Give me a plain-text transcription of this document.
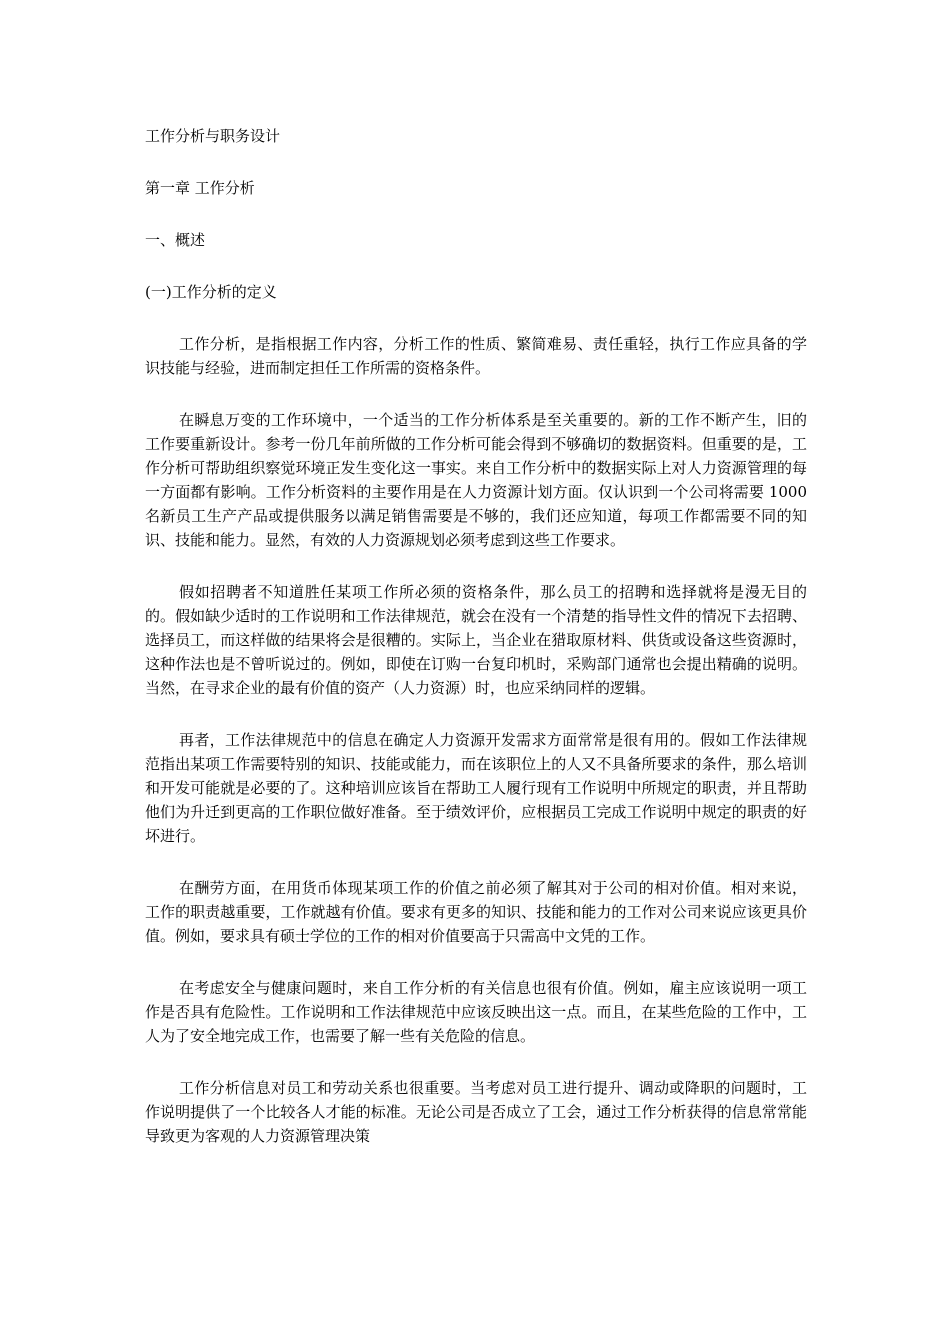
工作分析与职务设计
第一章 工作分析
一、概述
(一)工作分析的定义

工作分析，是指根据工作内容，分析工作的性质、繁简难易、责任重轻，执行工作应具备的学识技能与经验，进而制定担任工作所需的资格条件。

在瞬息万变的工作环境中，一个适当的工作分析体系是至关重要的。新的工作不断产生，旧的工作要重新设计。参考一份几年前所做的工作分析可能会得到不够确切的数据资料。但重要的是，工作分析可帮助组织察觉环境正发生变化这一事实。来自工作分析中的数据实际上对人力资源管理的每一方面都有影响。工作分析资料的主要作用是在人力资源计划方面。仅认识到一个公司将需要 1000 名新员工生产产品或提供服务以满足销售需要是不够的，我们还应知道，每项工作都需要不同的知识、技能和能力。显然，有效的人力资源规划必须考虑到这些工作要求。

假如招聘者不知道胜任某项工作所必须的资格条件，那么员工的招聘和选择就将是漫无目的的。假如缺少适时的工作说明和工作法律规范，就会在没有一个清楚的指导性文件的情况下去招聘、选择员工，而这样做的结果将会是很糟的。实际上，当企业在猎取原材料、供货或设备这些资源时，这种作法也是不曾听说过的。例如，即使在订购一台复印机时，采购部门通常也会提出精确的说明。当然，在寻求企业的最有价值的资产（人力资源）时，也应采纳同样的逻辑。

再者，工作法律规范中的信息在确定人力资源开发需求方面常常是很有用的。假如工作法律规范指出某项工作需要特别的知识、技能或能力，而在该职位上的人又不具备所要求的条件，那么培训和开发可能就是必要的了。这种培训应该旨在帮助工人履行现有工作说明中所规定的职责，并且帮助他们为升迁到更高的工作职位做好准备。至于绩效评价，应根据员工完成工作说明中规定的职责的好坏进行。

在酬劳方面，在用货币体现某项工作的价值之前必须了解其对于公司的相对价值。相对来说，工作的职责越重要，工作就越有价值。要求有更多的知识、技能和能力的工作对公司来说应该更具价值。例如，要求具有硕士学位的工作的相对价值要高于只需高中文凭的工作。

在考虑安全与健康问题时，来自工作分析的有关信息也很有价值。例如，雇主应该说明一项工作是否具有危险性。工作说明和工作法律规范中应该反映出这一点。而且，在某些危险的工作中，工人为了安全地完成工作，也需要了解一些有关危险的信息。

工作分析信息对员工和劳动关系也很重要。当考虑对员工进行提升、调动或降职的问题时，工作说明提供了一个比较各人才能的标准。无论公司是否成立了工会，通过工作分析获得的信息常常能导致更为客观的人力资源管理决策
